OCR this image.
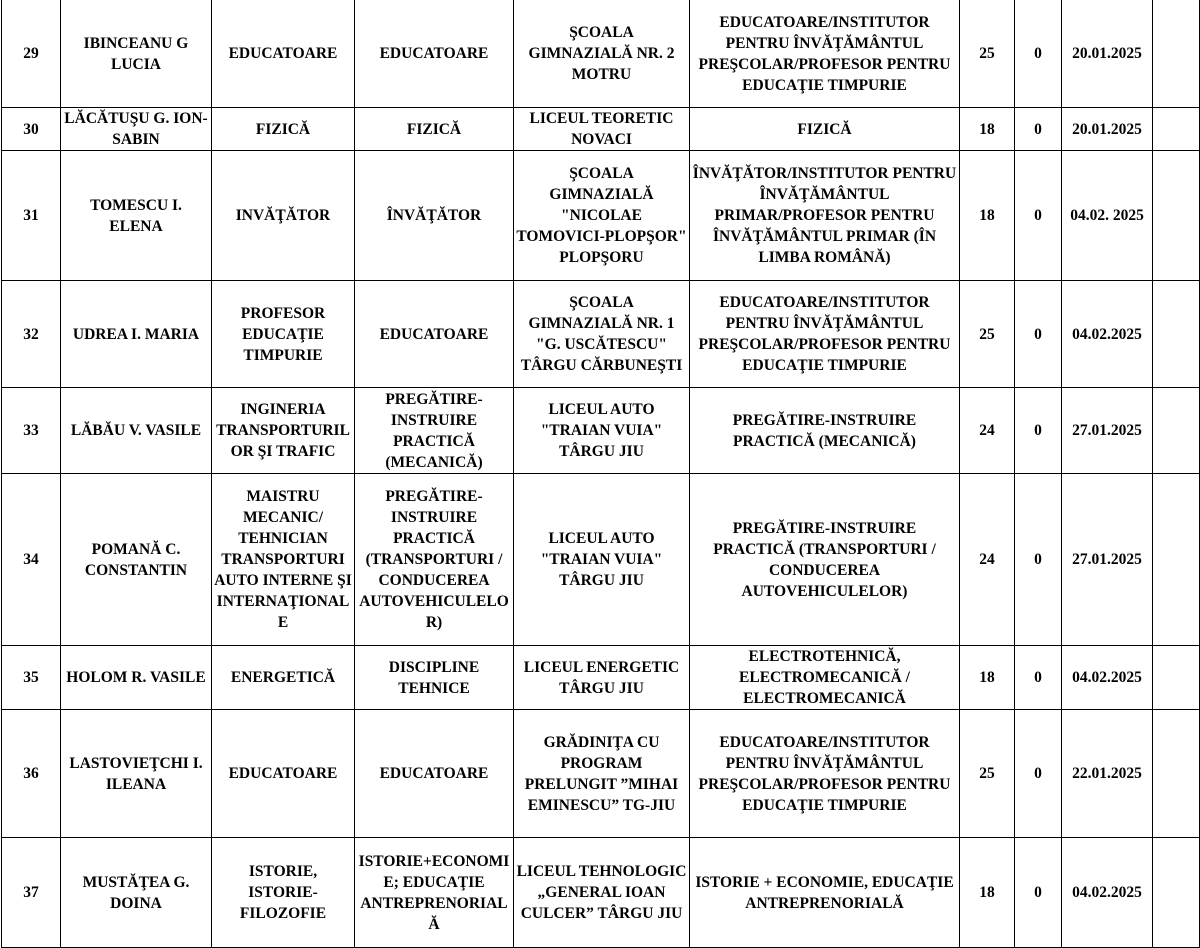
29	IBINCEANU G LUCIA	EDUCATOARE	EDUCATOARE	ŞCOALA GIMNAZIALĂ NR. 2 MOTRU	EDUCATOARE/INSTITUTOR PENTRU ÎNVĂŢĂMÂNTUL PREŞCOLAR/PROFESOR PENTRU EDUCAŢIE TIMPURIE	25	0	20.01.2025	
30	LĂCĂTUŞU G. ION-SABIN	FIZICĂ	FIZICĂ	LICEUL TEORETIC NOVACI	FIZICĂ	18	0	20.01.2025	
31	TOMESCU I. ELENA	INVĂŢĂTOR	ÎNVĂŢĂTOR	ŞCOALA GIMNAZIALĂ "NICOLAE TOMOVICI-PLOPŞOR" PLOPŞORU	ÎNVĂŢĂTOR/INSTITUTOR PENTRU ÎNVĂŢĂMÂNTUL PRIMAR/PROFESOR PENTRU ÎNVĂŢĂMÂNTUL PRIMAR (ÎN LIMBA ROMÂNĂ)	18	0	04.02. 2025	
32	UDREA I. MARIA	PROFESOR EDUCAŢIE TIMPURIE	EDUCATOARE	ŞCOALA GIMNAZIALĂ NR. 1 "G. USCĂTESCU" TÂRGU CĂRBUNEŞTI	EDUCATOARE/INSTITUTOR PENTRU ÎNVĂŢĂMÂNTUL PREŞCOLAR/PROFESOR PENTRU EDUCAŢIE TIMPURIE	25	0	04.02.2025	
33	LĂBĂU V. VASILE	INGINERIA TRANSPORTURILOR ŞI TRAFIC	PREGĂTIRE-INSTRUIRE PRACTICĂ (MECANICĂ)	LICEUL AUTO "TRAIAN VUIA" TÂRGU JIU	PREGĂTIRE-INSTRUIRE PRACTICĂ (MECANICĂ)	24	0	27.01.2025	
34	POMANĂ C. CONSTANTIN	MAISTRU MECANIC/ TEHNICIAN TRANSPORTURI AUTO INTERNE ŞI INTERNAŢIONALE	PREGĂTIRE-INSTRUIRE PRACTICĂ (TRANSPORTURI / CONDUCEREA AUTOVEHICULELOR)	LICEUL AUTO "TRAIAN VUIA" TÂRGU JIU	PREGĂTIRE-INSTRUIRE PRACTICĂ (TRANSPORTURI / CONDUCEREA AUTOVEHICULELOR)	24	0	27.01.2025	
35	HOLOM R. VASILE	ENERGETICĂ	DISCIPLINE TEHNICE	LICEUL ENERGETIC TÂRGU JIU	ELECTROTEHNICĂ, ELECTROMECANICĂ / ELECTROMECANICĂ	18	0	04.02.2025	
36	LASTOVIEŢCHI I. ILEANA	EDUCATOARE	EDUCATOARE	GRĂDINIŢA CU PROGRAM PRELUNGIT ”MIHAI EMINESCU” TG-JIU	EDUCATOARE/INSTITUTOR PENTRU ÎNVĂŢĂMÂNTUL PREŞCOLAR/PROFESOR PENTRU EDUCAŢIE TIMPURIE	25	0	22.01.2025	
37	MUSTĂŢEA G. DOINA	ISTORIE, ISTORIE-FILOZOFIE	ISTORIE+ECONOMIE; EDUCAŢIE ANTREPRENORIALĂ	LICEUL TEHNOLOGIC „GENERAL IOAN CULCER” TÂRGU JIU	ISTORIE + ECONOMIE, EDUCAŢIE ANTREPRENORIALĂ	18	0	04.02.2025	
